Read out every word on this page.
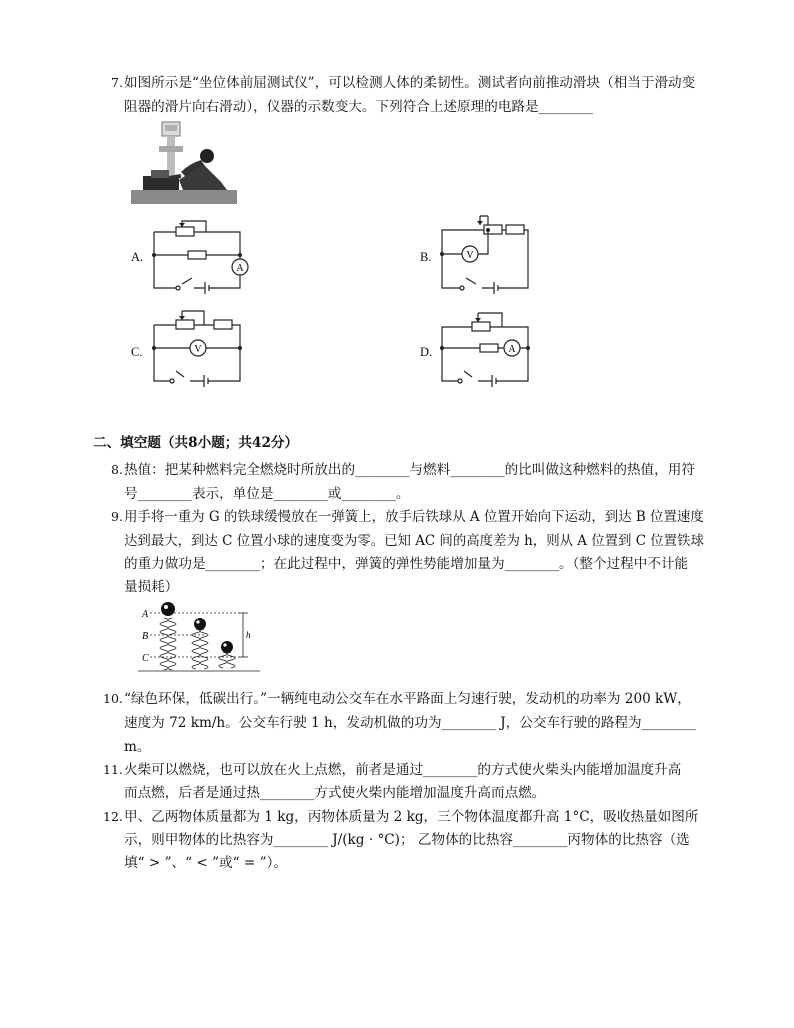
7. 如图所示是“坐位体前屈测试仪”，可以检测人体的柔韧性。测试者向前推动滑块（相当于滑动变
阻器的滑片向右滑动），仪器的示数变大。下列符合上述原理的电路是________
A.
A
B.	V
C.	V	D.	A
二、填空题（共8小题；共42分）
8. 热值：把某种燃料完全燃烧时所放出的________与燃料________的比叫做这种燃料的热值，用符
号________表示，单位是________或________。
9. 用手将一重为 G 的铁球缓慢放在一弹簧上，放手后铁球从 A 位置开始向下运动，到达 B 位置速度
达到最大，到达 C 位置小球的速度变为零。已知 AC 间的高度差为 h，则从 A 位置到 C 位置铁球
的重力做功是________；在此过程中，弹簧的弹性势能增加量为________。（整个过程中不计能
量损耗）
A
B
C
h
10. “绿色环保，低碳出行。”一辆纯电动公交车在水平路面上匀速行驶，发动机的功率为 200 kW，
速度为 72 km/h。公交车行驶 1 h，发动机做的功为________ J，公交车行驶的路程为________
m。
11. 火柴可以燃烧，也可以放在火上点燃，前者是通过________的方式使火柴头内能增加温度升高
而点燃，后者是通过热________方式使火柴内能增加温度升高而点燃。
12. 甲、乙两物体质量都为 1 kg，丙物体质量为 2 kg，三个物体温度都升高 1°C，吸收热量如图所
示，则甲物体的比热容为________ J/(kg · °C)； 乙物体的比热容________丙物体的比热容（选
填“ > ”、“ < ”或“ = ”）。
